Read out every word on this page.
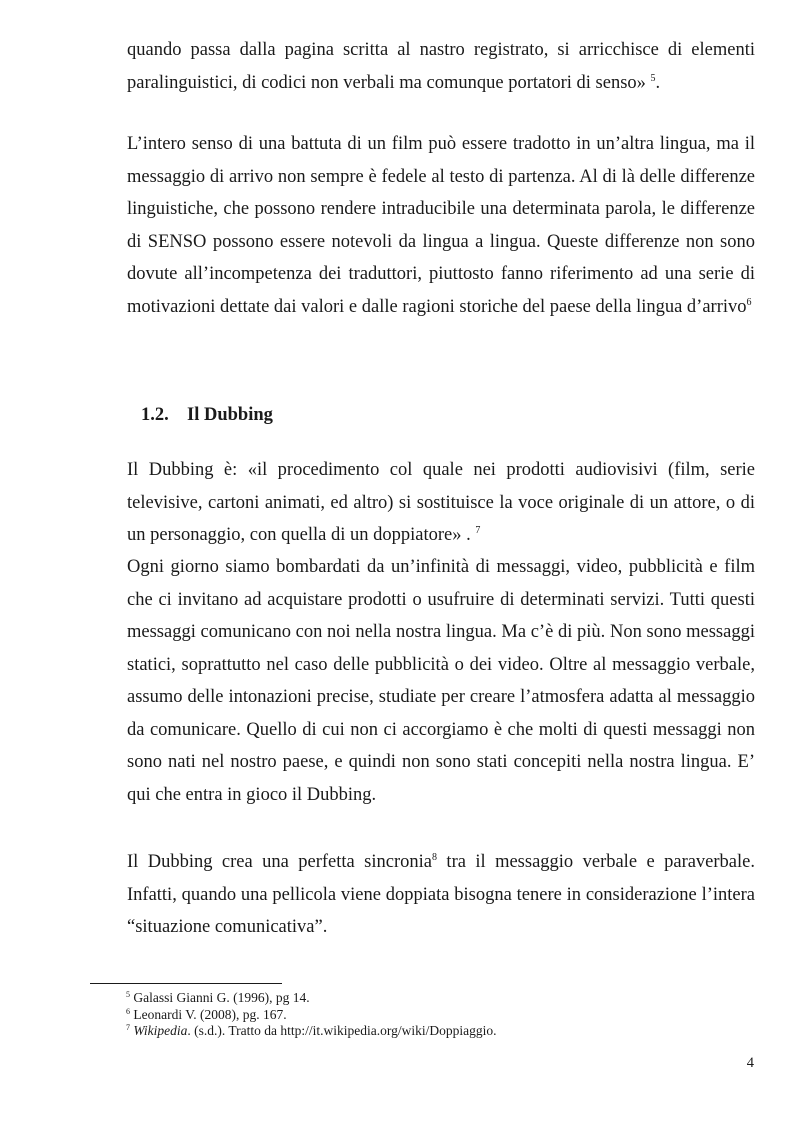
quando passa dalla pagina scritta al nastro registrato, si arricchisce di elementi paralinguistici, di codici non verbali ma comunque portatori di senso» $^5$.

L’intero senso di una battuta di un film può essere tradotto in un’altra lingua, ma il messaggio di arrivo non sempre è fedele al testo di partenza. Al di là delle differenze linguistiche, che possono rendere intraducibile una determinata parola, le differenze di SENSO possono essere notevoli da lingua a lingua. Queste differenze non sono dovute all’incompetenza dei traduttori, piuttosto fanno riferimento ad una serie di motivazioni dettate dai valori e dalle ragioni storiche del paese della lingua d’arrivo$^6$

1.2. Il Dubbing

Il Dubbing è: «il procedimento col quale nei prodotti audiovisivi (film, serie televisive, cartoni animati, ed altro) si sostituisce la voce originale di un attore, o di un personaggio, con quella di un doppiatore» . $^7$

Ogni giorno siamo bombardati da un’infinità di messaggi, video, pubblicità e film che ci invitano ad acquistare prodotti o usufruire di determinati servizi. Tutti questi messaggi comunicano con noi nella nostra lingua. Ma c’è di più. Non sono messaggi statici, soprattutto nel caso delle pubblicità o dei video. Oltre al messaggio verbale, assumo delle intonazioni precise, studiate per creare l’atmosfera adatta al messaggio da comunicare. Quello di cui non ci accorgiamo è che molti di questi messaggi non sono nati nel nostro paese, e quindi non sono stati concepiti nella nostra lingua. E’ qui che entra in gioco il Dubbing.

Il Dubbing crea una perfetta sincronia$^8$ tra il messaggio verbale e paraverbale. Infatti, quando una pellicola viene doppiata bisogna tenere in considerazione l’intera “situazione comunicativa”.

$^5$ Galassi Gianni G. (1996), pg 14.

$^6$ Leonardi V. (2008), pg. 167.

$^7$ Wikipedia. (s.d.). Tratto da http://it.wikipedia.org/wiki/Doppiaggio.

4
